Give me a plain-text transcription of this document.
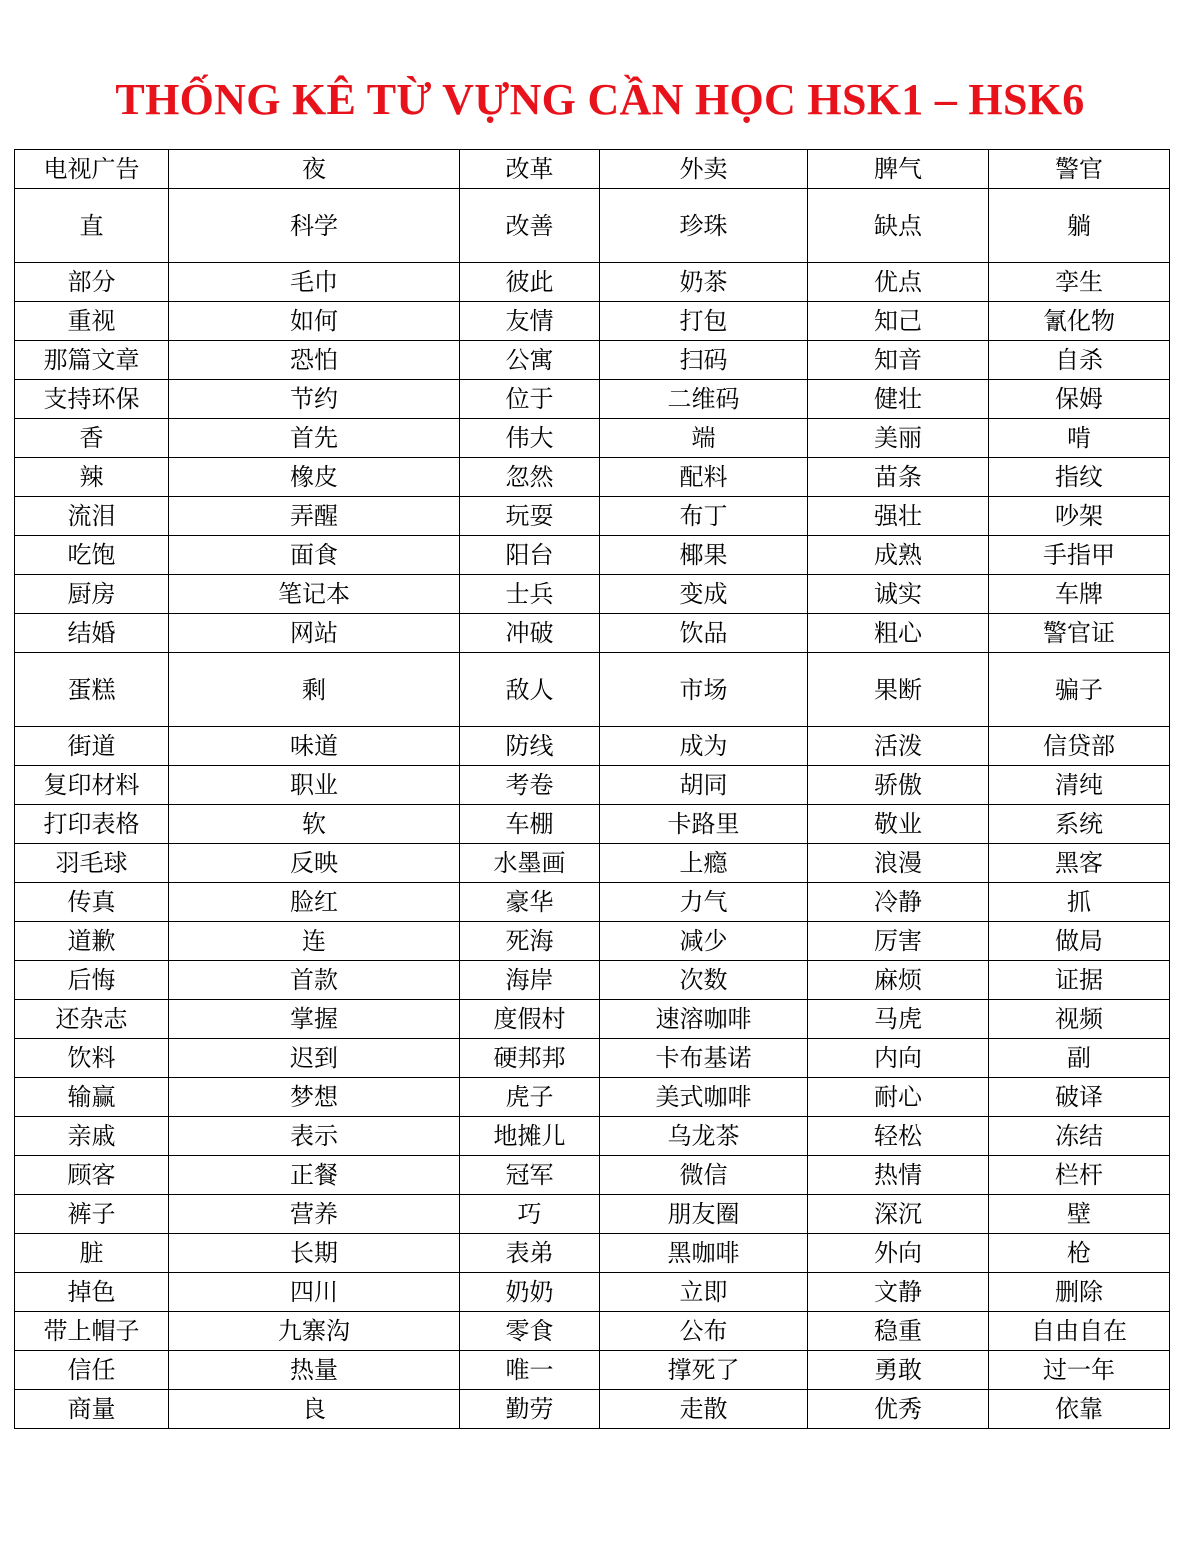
THỐNG KÊ TỪ VỰNG CẦN HỌC HSK1 – HSK6
电视广告	夜	改革	外卖	脾气	警官
直	科学	改善	珍珠	缺点	躺
部分	毛巾	彼此	奶茶	优点	孪生
重视	如何	友情	打包	知己	氰化物
那篇文章	恐怕	公寓	扫码	知音	自杀
支持环保	节约	位于	二维码	健壮	保姆
香	首先	伟大	端	美丽	啃
辣	橡皮	忽然	配料	苗条	指纹
流泪	弄醒	玩耍	布丁	强壮	吵架
吃饱	面食	阳台	椰果	成熟	手指甲
厨房	笔记本	士兵	变成	诚实	车牌
结婚	网站	冲破	饮品	粗心	警官证
蛋糕	剩	敌人	市场	果断	骗子
街道	味道	防线	成为	活泼	信贷部
复印材料	职业	考卷	胡同	骄傲	清纯
打印表格	软	车棚	卡路里	敬业	系统
羽毛球	反映	水墨画	上瘾	浪漫	黑客
传真	脸红	豪华	力气	冷静	抓
道歉	连	死海	减少	厉害	做局
后悔	首款	海岸	次数	麻烦	证据
还杂志	掌握	度假村	速溶咖啡	马虎	视频
饮料	迟到	硬邦邦	卡布基诺	内向	副
输赢	梦想	虎子	美式咖啡	耐心	破译
亲戚	表示	地摊儿	乌龙茶	轻松	冻结
顾客	正餐	冠军	微信	热情	栏杆
裤子	营养	巧	朋友圈	深沉	壁
脏	长期	表弟	黑咖啡	外向	枪
掉色	四川	奶奶	立即	文静	删除
带上帽子	九寨沟	零食	公布	稳重	自由自在
信任	热量	唯一	撑死了	勇敢	过一年
商量	良	勤劳	走散	优秀	依靠
